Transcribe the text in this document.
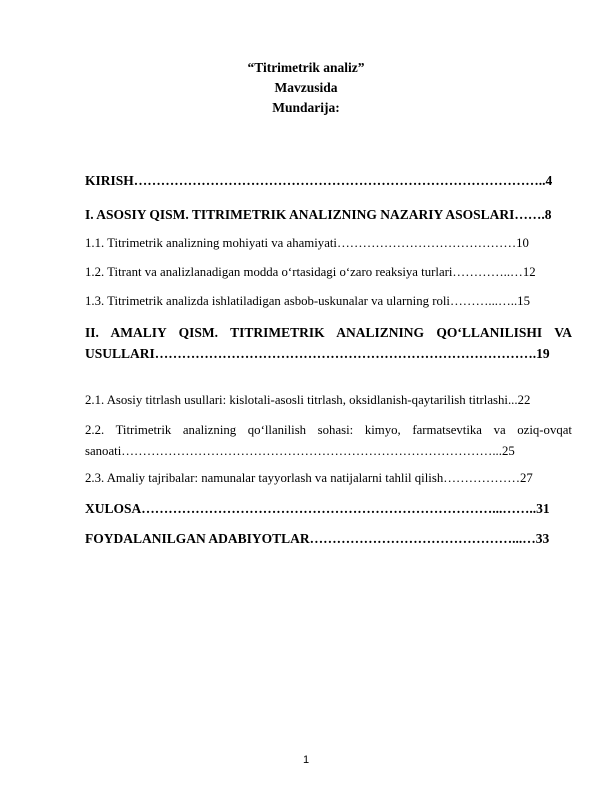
“Titrimetrik analiz”

Mavzusida

Mundarija:

KIRISH………………………………………………………………………………..4

I. ASOSIY QISM. TITRIMETRIK ANALIZNING NAZARIY ASOSLARI…….8

1.1. Titrimetrik analizning mohiyati va ahamiyati……………………………………10

1.2. Titrant va analizlanadigan modda o‘rtasidagi o‘zaro reaksiya turlari…………..…12

1.3. Titrimetrik analizda ishlatiladigan asbob-uskunalar va ularning roli………...…..15

II. AMALIY QISM. TITRIMETRIK ANALIZNING QO‘LLANILISHI VA
USULLARI………………………………………………………………………….19

2.1. Asosiy titrlash usullari: kislotali-asosli titrlash, oksidlanish-qaytarilish titrlashi...22

2.2. Titrimetrik analizning qo‘llanilish sohasi: kimyo, farmatsevtika va oziq-ovqat
sanoati……………………………………………………………………………...25

2.3. Amaliy tajribalar: namunalar tayyorlash va natijalarni tahlil qilish………………27

XULOSA……………………………………………………………………...……..31

FOYDALANILGAN ADABIYOTLAR………………………………………...…33

1
